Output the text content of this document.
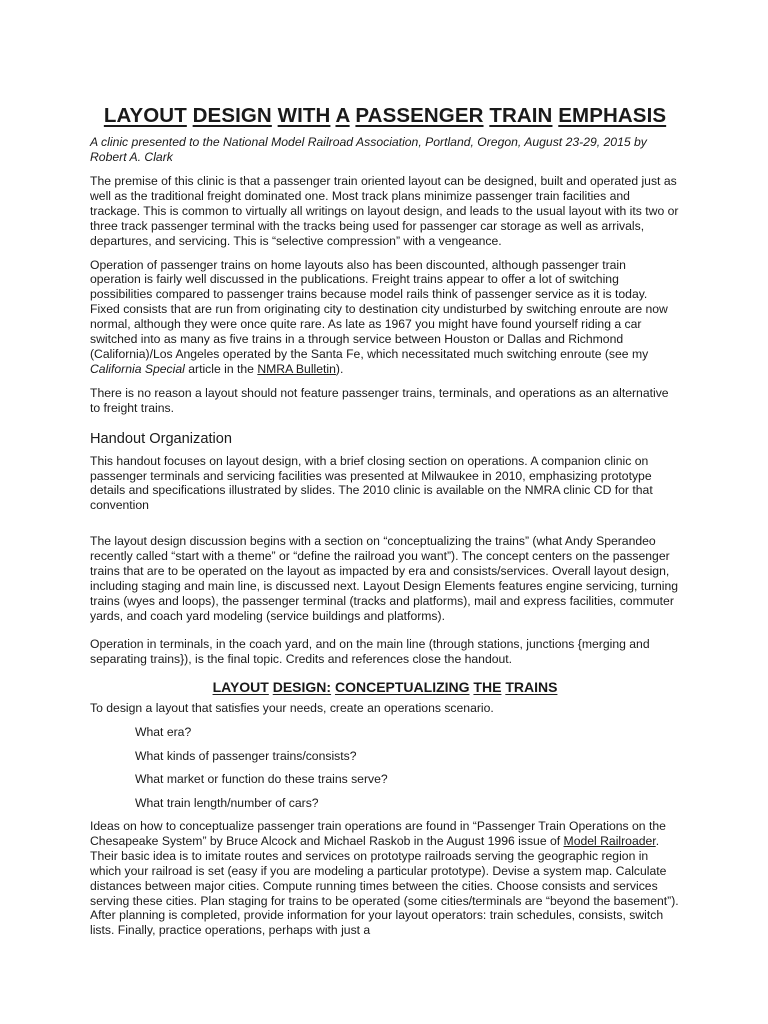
LAYOUT DESIGN WITH A PASSENGER TRAIN EMPHASIS
A clinic presented to the National Model Railroad Association, Portland, Oregon, August 23-29, 2015 by Robert A. Clark

The premise of this clinic is that a passenger train oriented layout can be designed, built and operated just as well as the traditional freight dominated one. Most track plans minimize passenger train facilities and trackage. This is common to virtually all writings on layout design, and leads to the usual layout with its two or three track passenger terminal with the tracks being used for passenger car storage as well as arrivals, departures, and servicing. This is “selective compression” with a vengeance.

Operation of passenger trains on home layouts also has been discounted, although passenger train operation is fairly well discussed in the publications. Freight trains appear to offer a lot of switching possibilities compared to passenger trains because model rails think of passenger service as it is today. Fixed consists that are run from originating city to destination city undisturbed by switching enroute are now normal, although they were once quite rare. As late as 1967 you might have found yourself riding a car switched into as many as five trains in a through service between Houston or Dallas and Richmond (California)/Los Angeles operated by the Santa Fe, which necessitated much switching enroute (see my California Special article in the NMRA Bulletin).

There is no reason a layout should not feature passenger trains, terminals, and operations as an alternative to freight trains.

Handout Organization

This handout focuses on layout design, with a brief closing section on operations. A companion clinic on passenger terminals and servicing facilities was presented at Milwaukee in 2010, emphasizing prototype details and specifications illustrated by slides. The 2010 clinic is available on the NMRA clinic CD for that convention

The layout design discussion begins with a section on “conceptualizing the trains” (what Andy Sperandeo recently called “start with a theme” or “define the railroad you want”). The concept centers on the passenger trains that are to be operated on the layout as impacted by era and consists/services. Overall layout design, including staging and main line, is discussed next. Layout Design Elements features engine servicing, turning trains (wyes and loops), the passenger terminal (tracks and platforms), mail and express facilities, commuter yards, and coach yard modeling (service buildings and platforms).

Operation in terminals, in the coach yard, and on the main line (through stations, junctions {merging and separating trains}), is the final topic. Credits and references close the handout.

LAYOUT DESIGN: CONCEPTUALIZING THE TRAINS

To design a layout that satisfies your needs, create an operations scenario.

What era?
What kinds of passenger trains/consists?
What market or function do these trains serve?
What train length/number of cars?

Ideas on how to conceptualize passenger train operations are found in “Passenger Train Operations on the Chesapeake System” by Bruce Alcock and Michael Raskob in the August 1996 issue of Model Railroader. Their basic idea is to imitate routes and services on prototype railroads serving the geographic region in which your railroad is set (easy if you are modeling a particular prototype). Devise a system map. Calculate distances between major cities. Compute running times between the cities. Choose consists and services serving these cities. Plan staging for trains to be operated (some cities/terminals are “beyond the basement”). After planning is completed, provide information for your layout operators: train schedules, consists, switch lists. Finally, practice operations, perhaps with just a
